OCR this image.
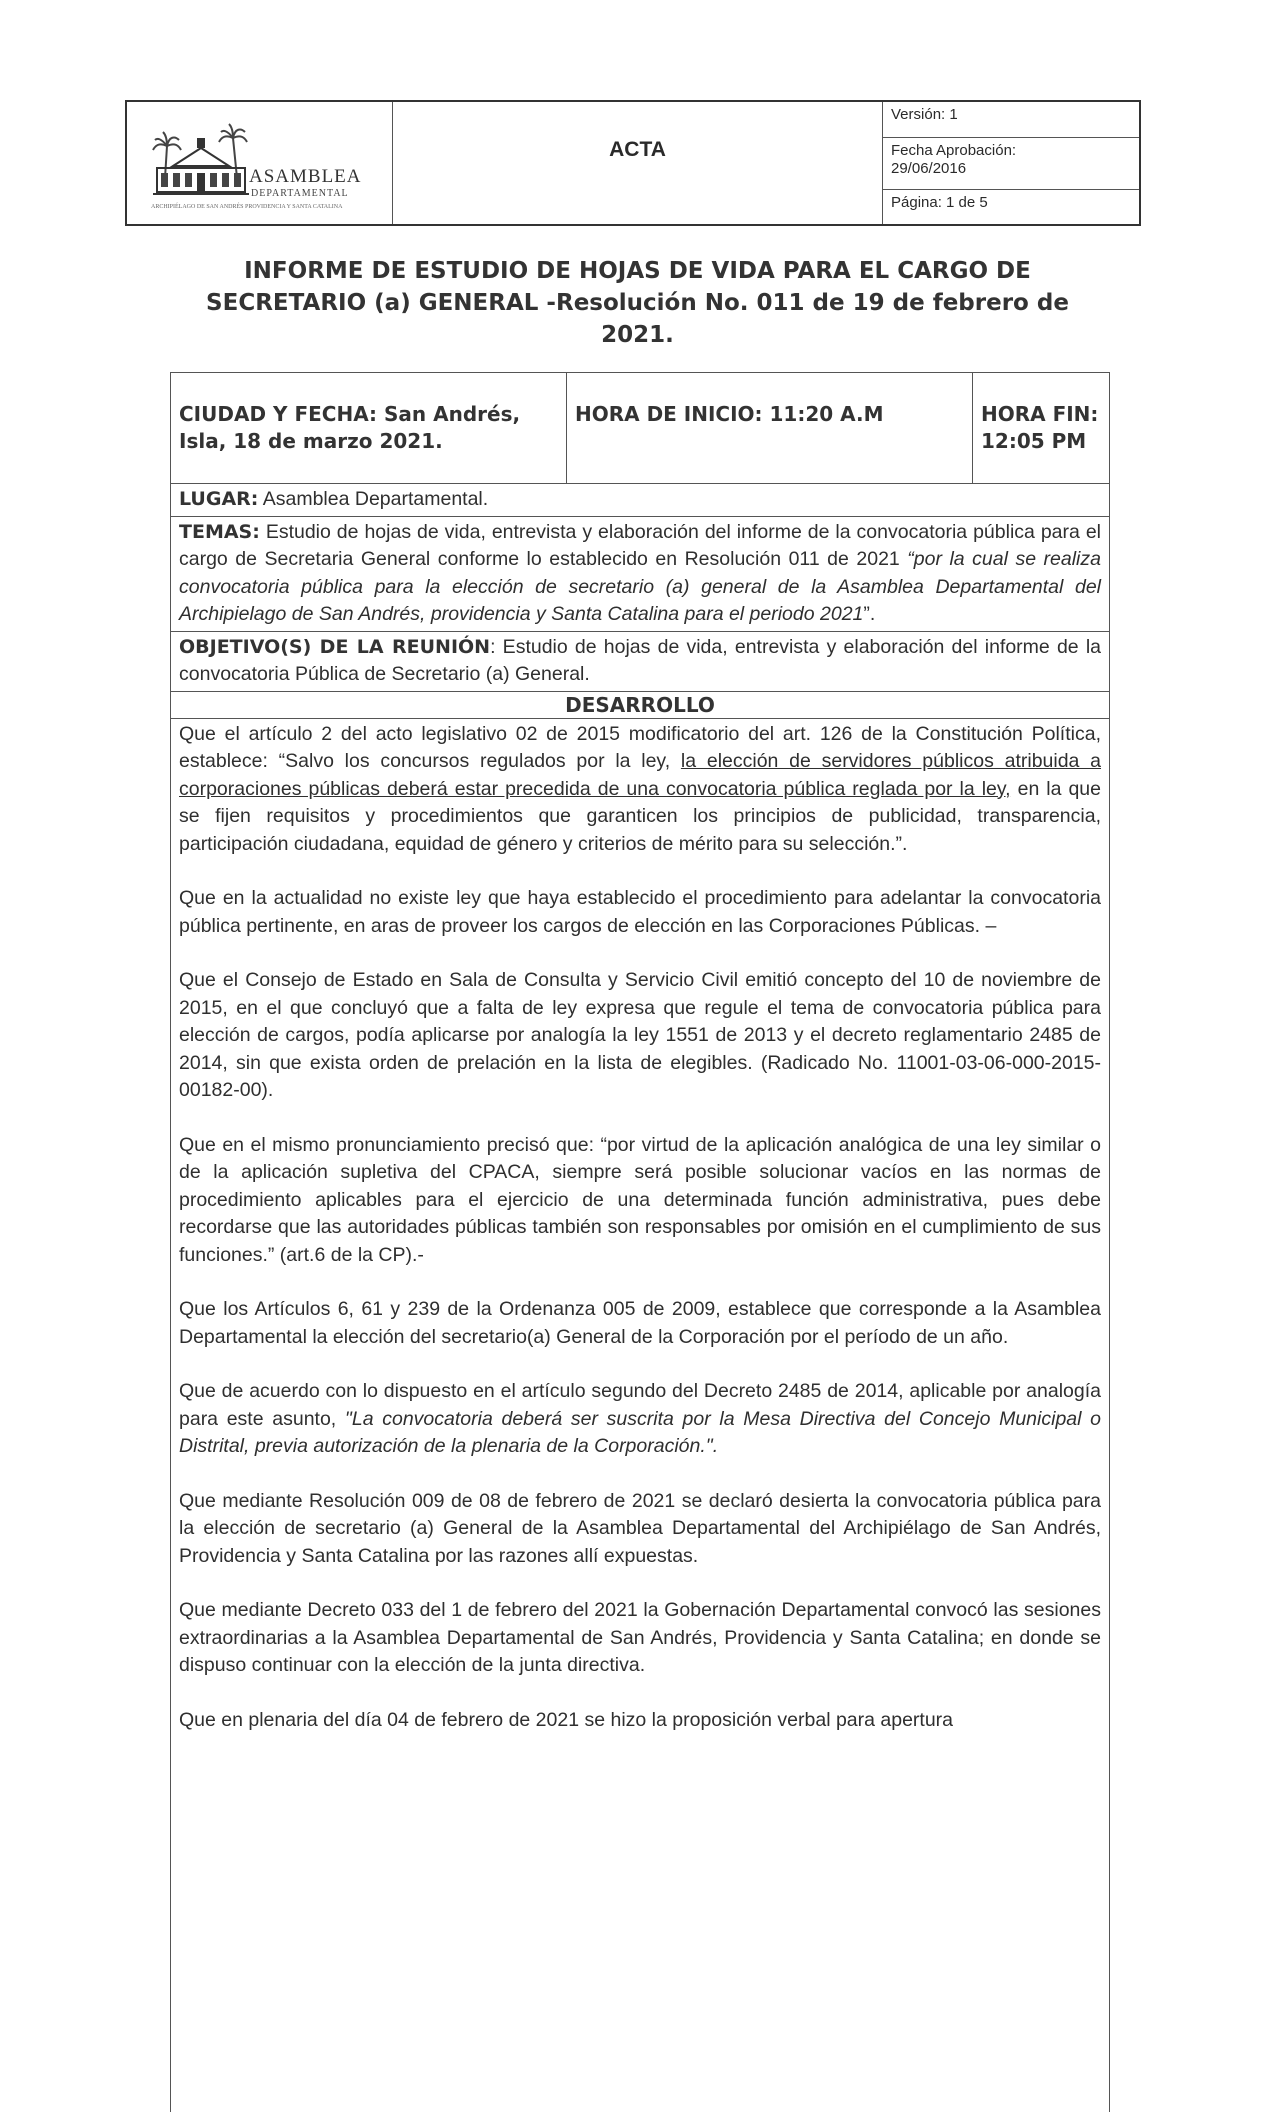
ASAMBLEA
DEPARTAMENTAL
ARCHIPIÉLAGO DE SAN ANDRÉS PROVIDENCIA Y SANTA CATALINA
ACTA
Versión: 1
Fecha Aprobación:
29/06/2016
Página: 1 de 5
INFORME DE ESTUDIO DE HOJAS DE VIDA PARA EL CARGO DE
SECRETARIO (a) GENERAL -Resolución No. 011 de 19 de febrero de
2021.
CIUDAD Y FECHA: San Andrés, Isla, 18 de marzo 2021.
HORA DE INICIO: 11:20 A.M	HORA FIN:
12:05 PM
LUGAR: Asamblea Departamental.
TEMAS: Estudio de hojas de vida, entrevista y elaboración del informe de la convocatoria pública para el cargo de Secretaria General conforme lo establecido en Resolución 011 de 2021 “por la cual se realiza convocatoria pública para la elección de secretario (a) general de la Asamblea Departamental del Archipielago de San Andrés, providencia y Santa Catalina para el periodo 2021”.
OBJETIVO(S) DE LA REUNIÓN: Estudio de hojas de vida, entrevista y elaboración del informe de la convocatoria Pública de Secretario (a) General.
DESARROLLO

Que el artículo 2 del acto legislativo 02 de 2015 modificatorio del art. 126 de la Constitución Política, establece: “Salvo los concursos regulados por la ley, la elección de servidores públicos atribuida a corporaciones públicas deberá estar precedida de una convocatoria pública reglada por la ley, en la que se fijen requisitos y procedimientos que garanticen los principios de publicidad, transparencia, participación ciudadana, equidad de género y criterios de mérito para su selección.”.

Que en la actualidad no existe ley que haya establecido el procedimiento para adelantar la convocatoria pública pertinente, en aras de proveer los cargos de elección en las Corporaciones Públicas. –

Que el Consejo de Estado en Sala de Consulta y Servicio Civil emitió concepto del 10 de noviembre de 2015, en el que concluyó que a falta de ley expresa que regule el tema de convocatoria pública para elección de cargos, podía aplicarse por analogía la ley 1551 de 2013 y el decreto reglamentario 2485 de 2014, sin que exista orden de prelación en la lista de elegibles. (Radicado No. 11001-03-06-000-2015-00182-00).

Que en el mismo pronunciamiento precisó que: “por virtud de la aplicación analógica de una ley similar o de la aplicación supletiva del CPACA, siempre será posible solucionar vacíos en las normas de procedimiento aplicables para el ejercicio de una determinada función administrativa, pues debe recordarse que las autoridades públicas también son responsables por omisión en el cumplimiento de sus funciones.” (art.6 de la CP).-

Que los Artículos 6, 61 y 239 de la Ordenanza 005 de 2009, establece que corresponde a la Asamblea Departamental la elección del secretario(a) General de la Corporación por el período de un año.

Que de acuerdo con lo dispuesto en el artículo segundo del Decreto 2485 de 2014, aplicable por analogía para este asunto, "La convocatoria deberá ser suscrita por la Mesa Directiva del Concejo Municipal o Distrital, previa autorización de la plenaria de la Corporación.".

Que mediante Resolución 009 de 08 de febrero de 2021 se declaró desierta la convocatoria pública para la elección de secretario (a) General de la Asamblea Departamental del Archipiélago de San Andrés, Providencia y Santa Catalina por las razones allí expuestas.

Que mediante Decreto 033 del 1 de febrero del 2021 la Gobernación Departamental convocó las sesiones extraordinarias a la Asamblea Departamental de San Andrés, Providencia y Santa Catalina; en donde se dispuso continuar con la elección de la junta directiva.

Que en plenaria del día 04 de febrero de 2021 se hizo la proposición verbal para apertura
